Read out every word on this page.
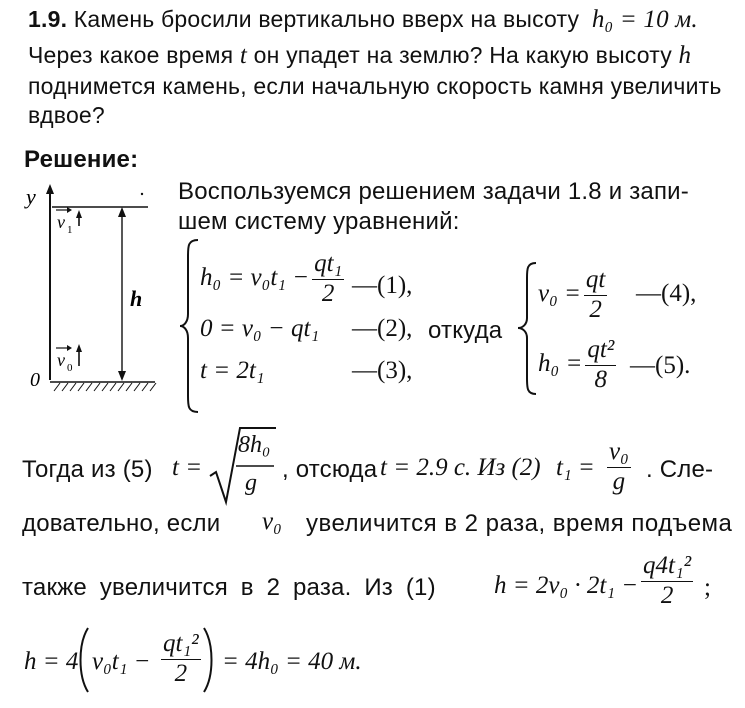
1.9. Камень бросили вертикально вверх на высоту h₀ = 10 м.
Через какое время t он упадет на землю? На какую высоту h
поднимется камень, если начальную скорость камня увеличить
вдвое?
Решение:
y
0
h
v 1
v 0
Воспользуемся решением задачи 1.8 и запи-
шем систему уравнений:
$h_0 = v_0t_1 - \frac{\text{qt₁}}{2}$ —(1),
0 = v₀ − qt₁ —(2), откуда
t = 2t₁	—(3),
$v_0 = \frac{qt}{2}$ —(4),
$h_0 = \frac{\text{qt²}}{8}$ —(5).
Тогда из (5) t =
8h₀
g , отсюда t = 2.9 с. Из (2) $t_1 = \frac{\text{v₀}}{g}$ . Сле-
довательно, если v₀ увеличится в 2 раза, время подъема
также увеличится в 2 раза. Из (1) $h = 2v_0 \cdot 2t_1 - \frac{\text{q4t₁²}}{2}$ ;
h = 4 $v_0t_1 - \frac{\text{qt₁²}}{2} = 4h_0 = 40$ м.
